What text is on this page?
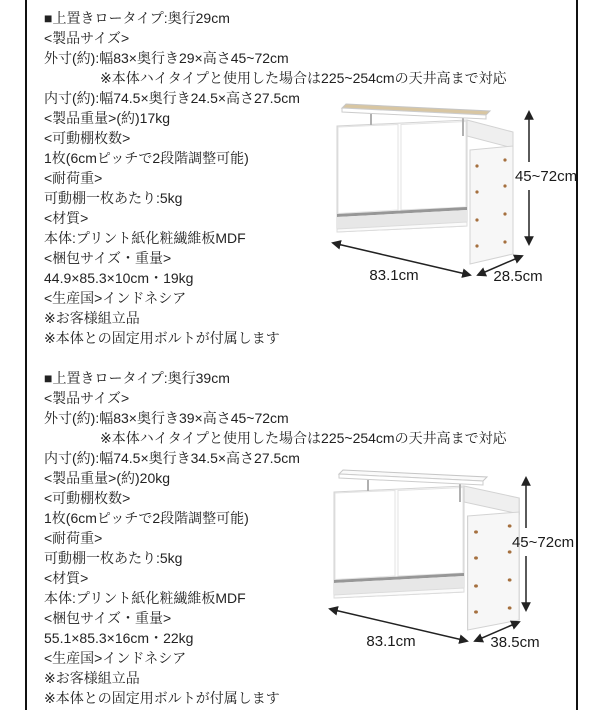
■上置きロータイプ:奥行29cm
<製品サイズ>
外寸(約):幅83×奥行き29×高さ45~72cm
※本体ハイタイプと使用した場合は225~254cmの天井高まで対応
内寸(約):幅74.5×奥行き24.5×高さ27.5cm
<製品重量>(約)17kg
<可動棚枚数>
1枚(6cmピッチで2段階調整可能)
<耐荷重>
可動棚一枚あたり:5kg
<材質>
本体:プリント紙化粧繊維板MDF
<梱包サイズ・重量>
44.9×85.3×10cm・19kg
<生産国>インドネシア
※お客様組立品
※本体との固定用ボルトが付属します
■上置きロータイプ:奥行39cm
<製品サイズ>
外寸(約):幅83×奥行き39×高さ45~72cm
※本体ハイタイプと使用した場合は225~254cmの天井高まで対応
内寸(約):幅74.5×奥行き34.5×高さ27.5cm
<製品重量>(約)20kg
<可動棚枚数>
1枚(6cmピッチで2段階調整可能)
<耐荷重>
可動棚一枚あたり:5kg
<材質>
本体:プリント紙化粧繊維板MDF
<梱包サイズ・重量>
55.1×85.3×16cm・22kg
<生産国>インドネシア
※お客様組立品
※本体との固定用ボルトが付属します
45~72cm
83.1cm	28.5cm
45~72cm
83.1cm	38.5cm
